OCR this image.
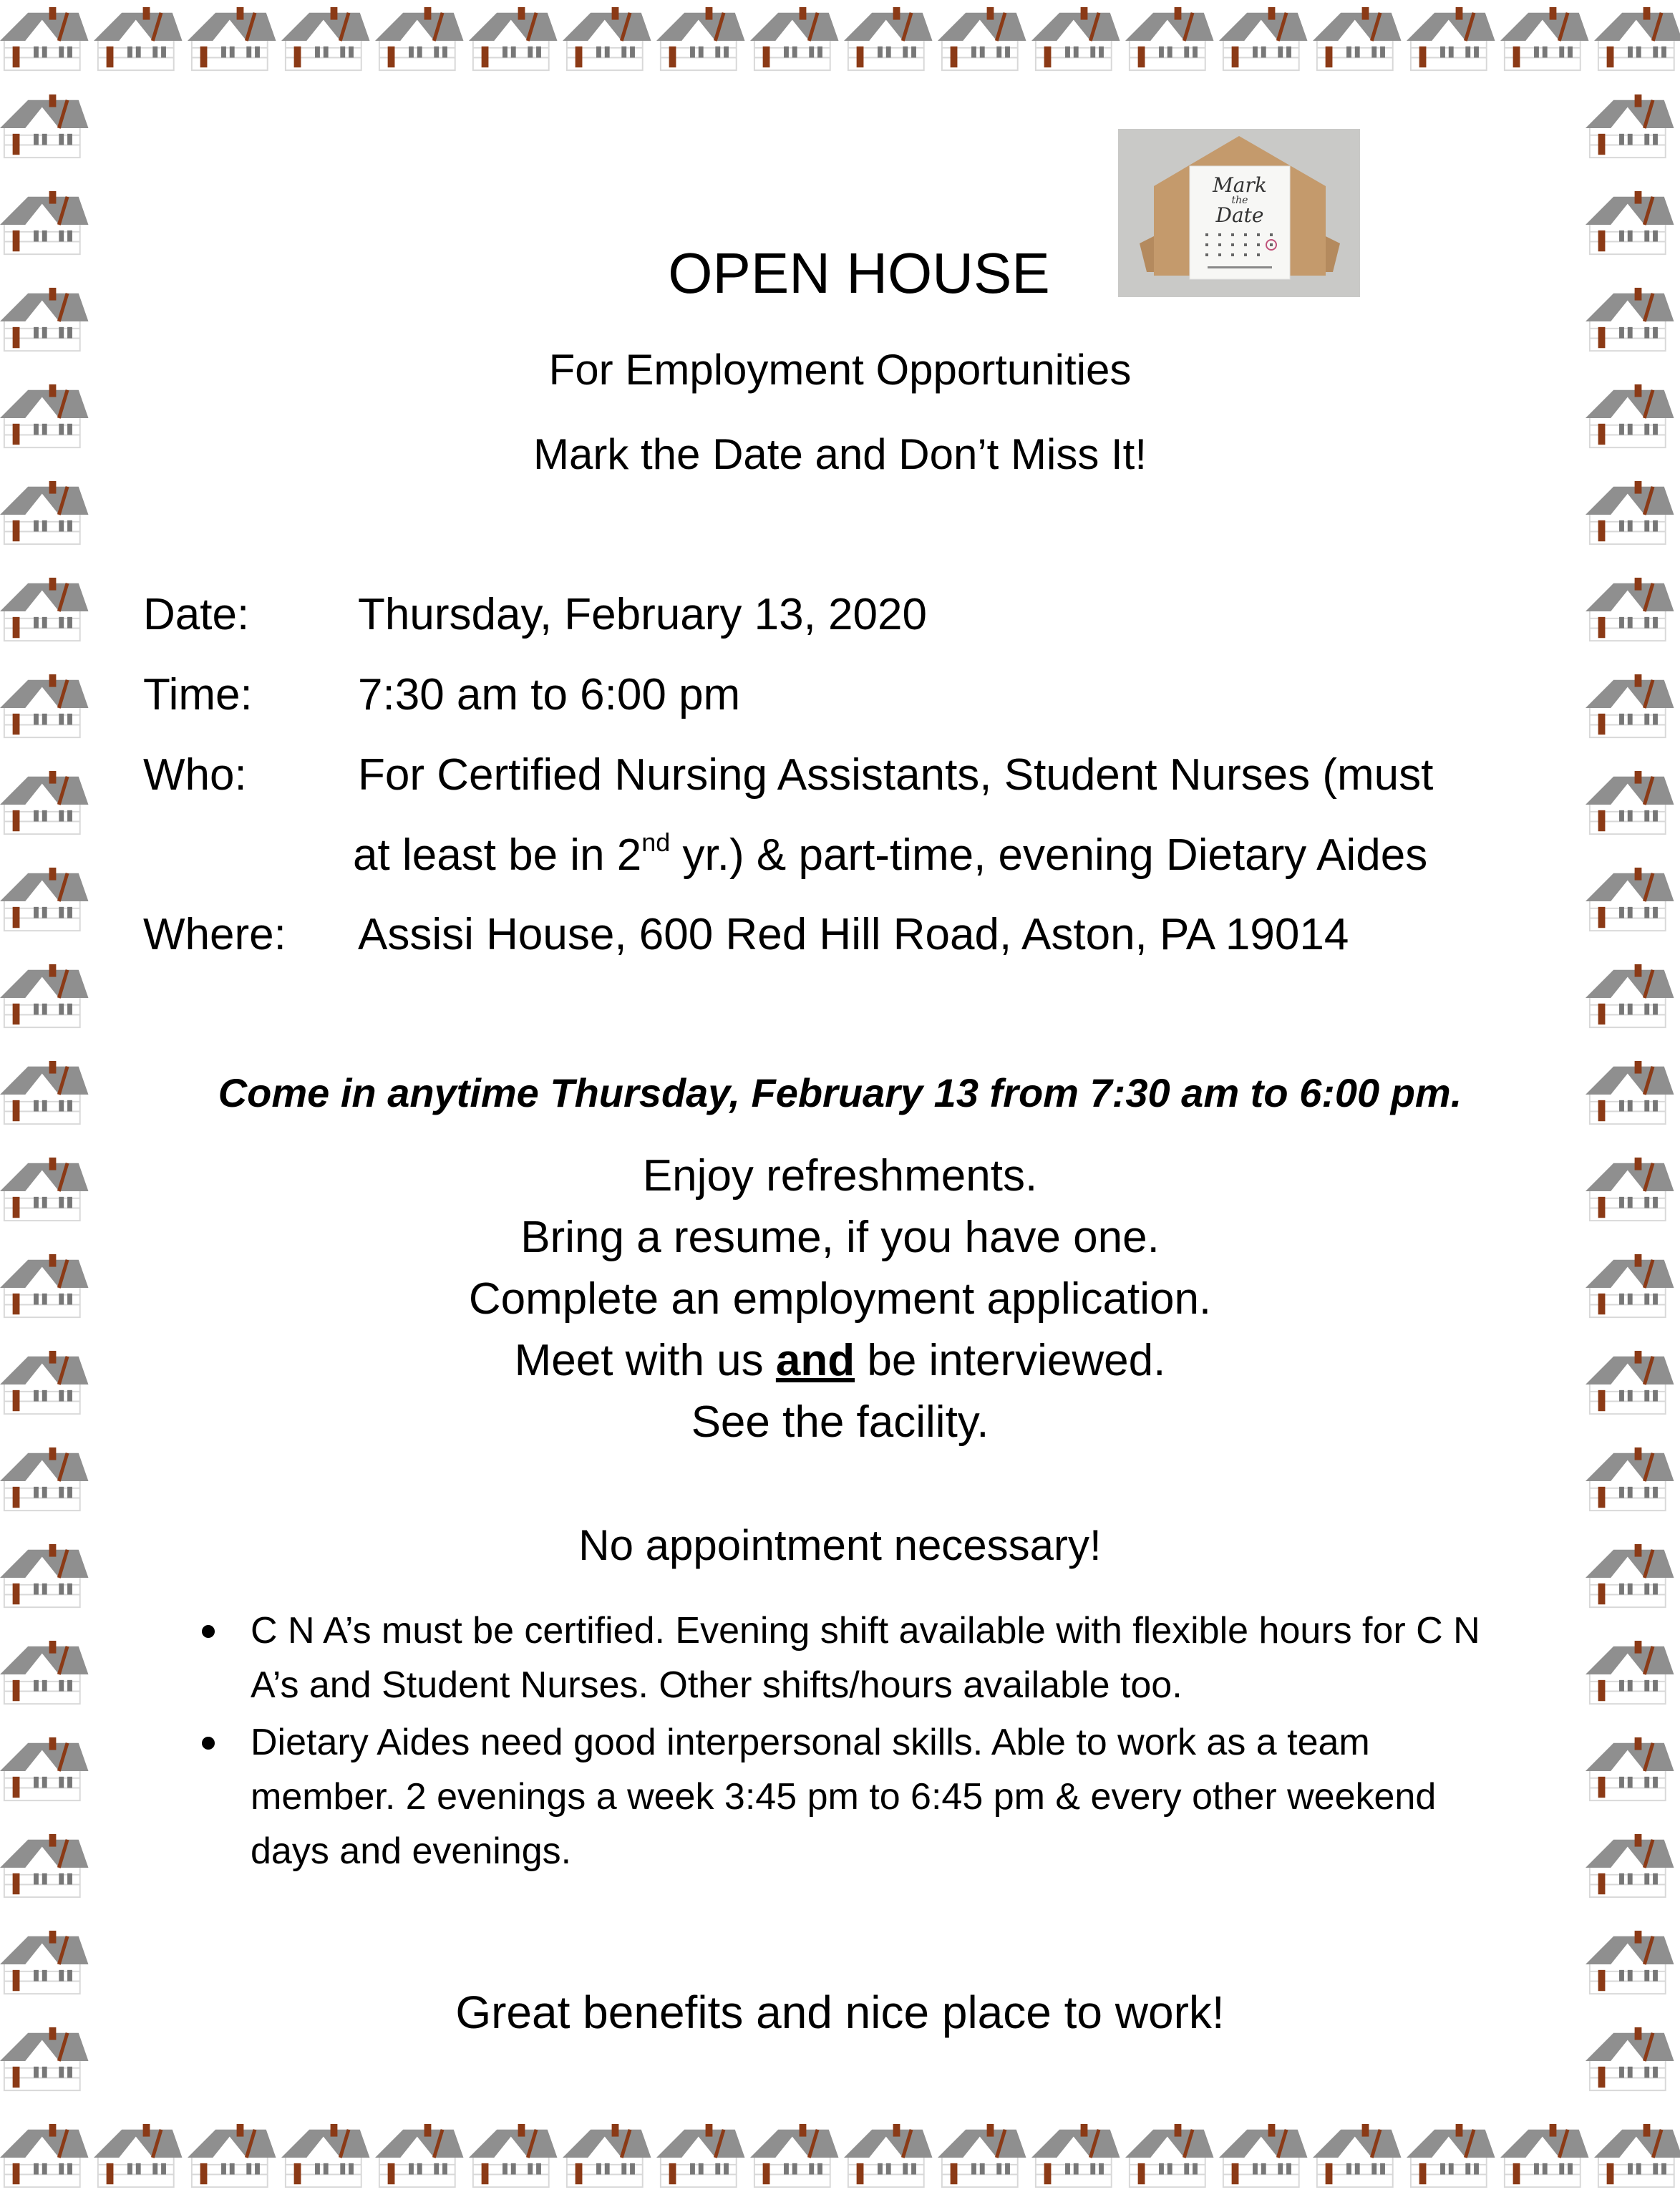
Mark
the
Date
OPEN HOUSE
For Employment Opportunities
Mark the Date and Don’t Miss It!
Date: Thursday, February 13, 2020
Time: 7:30 am to 6:00 pm
Who:	For Certified Nursing Assistants, Student Nurses (must
at least be in 2nd yr.) & part-time, evening Dietary Aides
Where: Assisi House, 600 Red Hill Road, Aston, PA 19014
Come in anytime Thursday, February 13 from 7:30 am to 6:00 pm.
Enjoy refreshments.
Bring a resume, if you have one.
Complete an employment application.
Meet with us and be interviewed.
See the facility.
No appointment necessary!
C N A’s must be certified. Evening shift available with flexible hours for C N A’s and Student Nurses. Other shifts/hours available too.
Dietary Aides need good interpersonal skills. Able to work as a team member. 2 evenings a week 3:45 pm to 6:45 pm & every other weekend days and evenings.
Great benefits and nice place to work!
